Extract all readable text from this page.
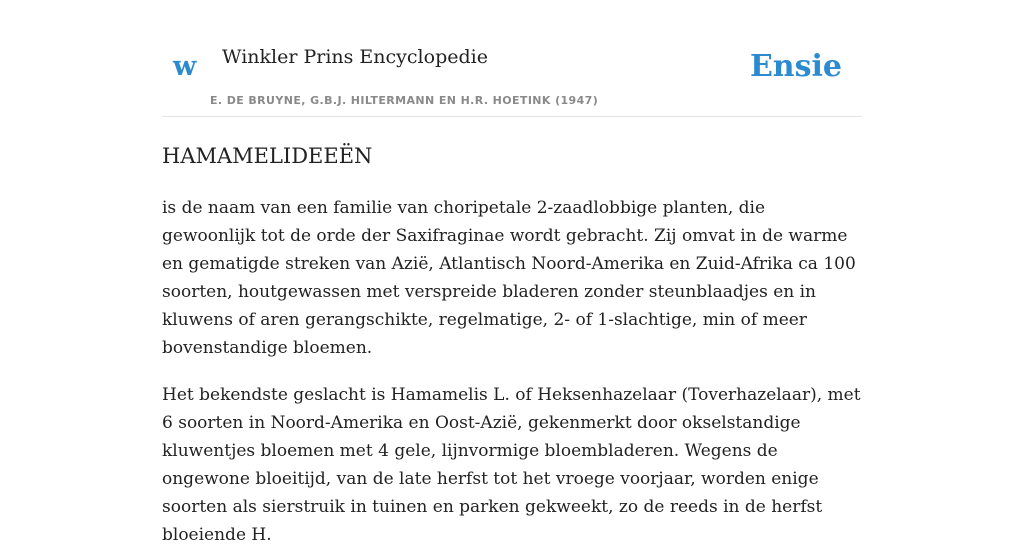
w Winkler Prins Encyclopedie
E. DE BRUYNE, G.B.J. HILTERMANN EN H.R. HOETINK (1947)
Ensie
HAMAMELIDEEËN

is de naam van een familie van choripetale 2-zaadlobbige planten, die gewoonlijk tot de orde der Saxifraginae wordt gebracht. Zij omvat in de warme en gematigde streken van Azië, Atlantisch Noord-Amerika en Zuid-Afrika ca 100 soorten, houtgewassen met verspreide bladeren zonder steunblaadjes en in kluwens of aren gerangschikte, regelmatige, 2- of 1-slachtige, min of meer bovenstandige bloemen.

Het bekendste geslacht is Hamamelis L. of Heksenhazelaar (Toverhazelaar), met 6 soorten in Noord-Amerika en Oost-Azië, gekenmerkt door okselstandige kluwentjes bloemen met 4 gele, lijnvormige bloembladeren. Wegens de ongewone bloeitijd, van de late herfst tot het vroege voorjaar, worden enige soorten als sierstruik in tuinen en parken gekweekt, zo de reeds in de herfst bloeiende H.
